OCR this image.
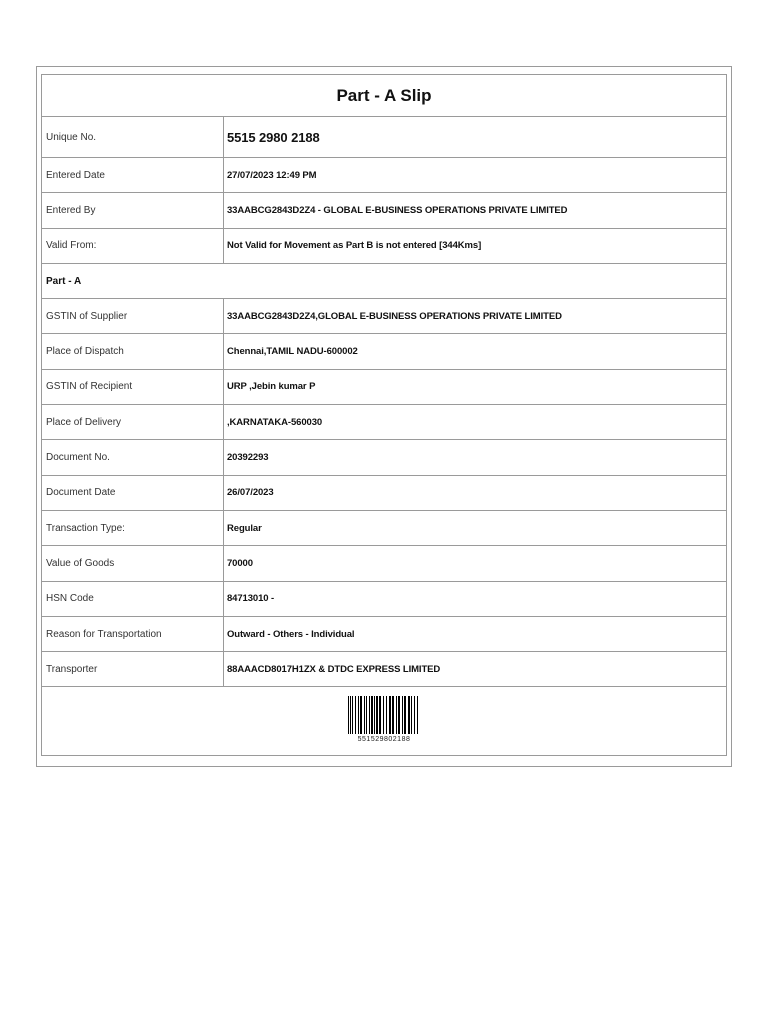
Part - A Slip
Unique No.	5515 2980 2188
Entered Date	27/07/2023 12:49 PM
Entered By	33AABCG2843D2Z4 - GLOBAL E-BUSINESS OPERATIONS PRIVATE LIMITED
Valid From:	Not Valid for Movement as Part B is not entered [344Kms]
Part - A
GSTIN of Supplier	33AABCG2843D2Z4,GLOBAL E-BUSINESS OPERATIONS PRIVATE LIMITED
Place of Dispatch	Chennai,TAMIL NADU-600002
GSTIN of Recipient	URP ,Jebin kumar P
Place of Delivery	,KARNATAKA-560030
Document No.	20392293
Document Date	26/07/2023
Transaction Type:	Regular
Value of Goods	70000
HSN Code	84713010 -
Reason for Transportation	Outward - Others - Individual
Transporter	88AAACD8017H1ZX & DTDC EXPRESS LIMITED
551529802188
